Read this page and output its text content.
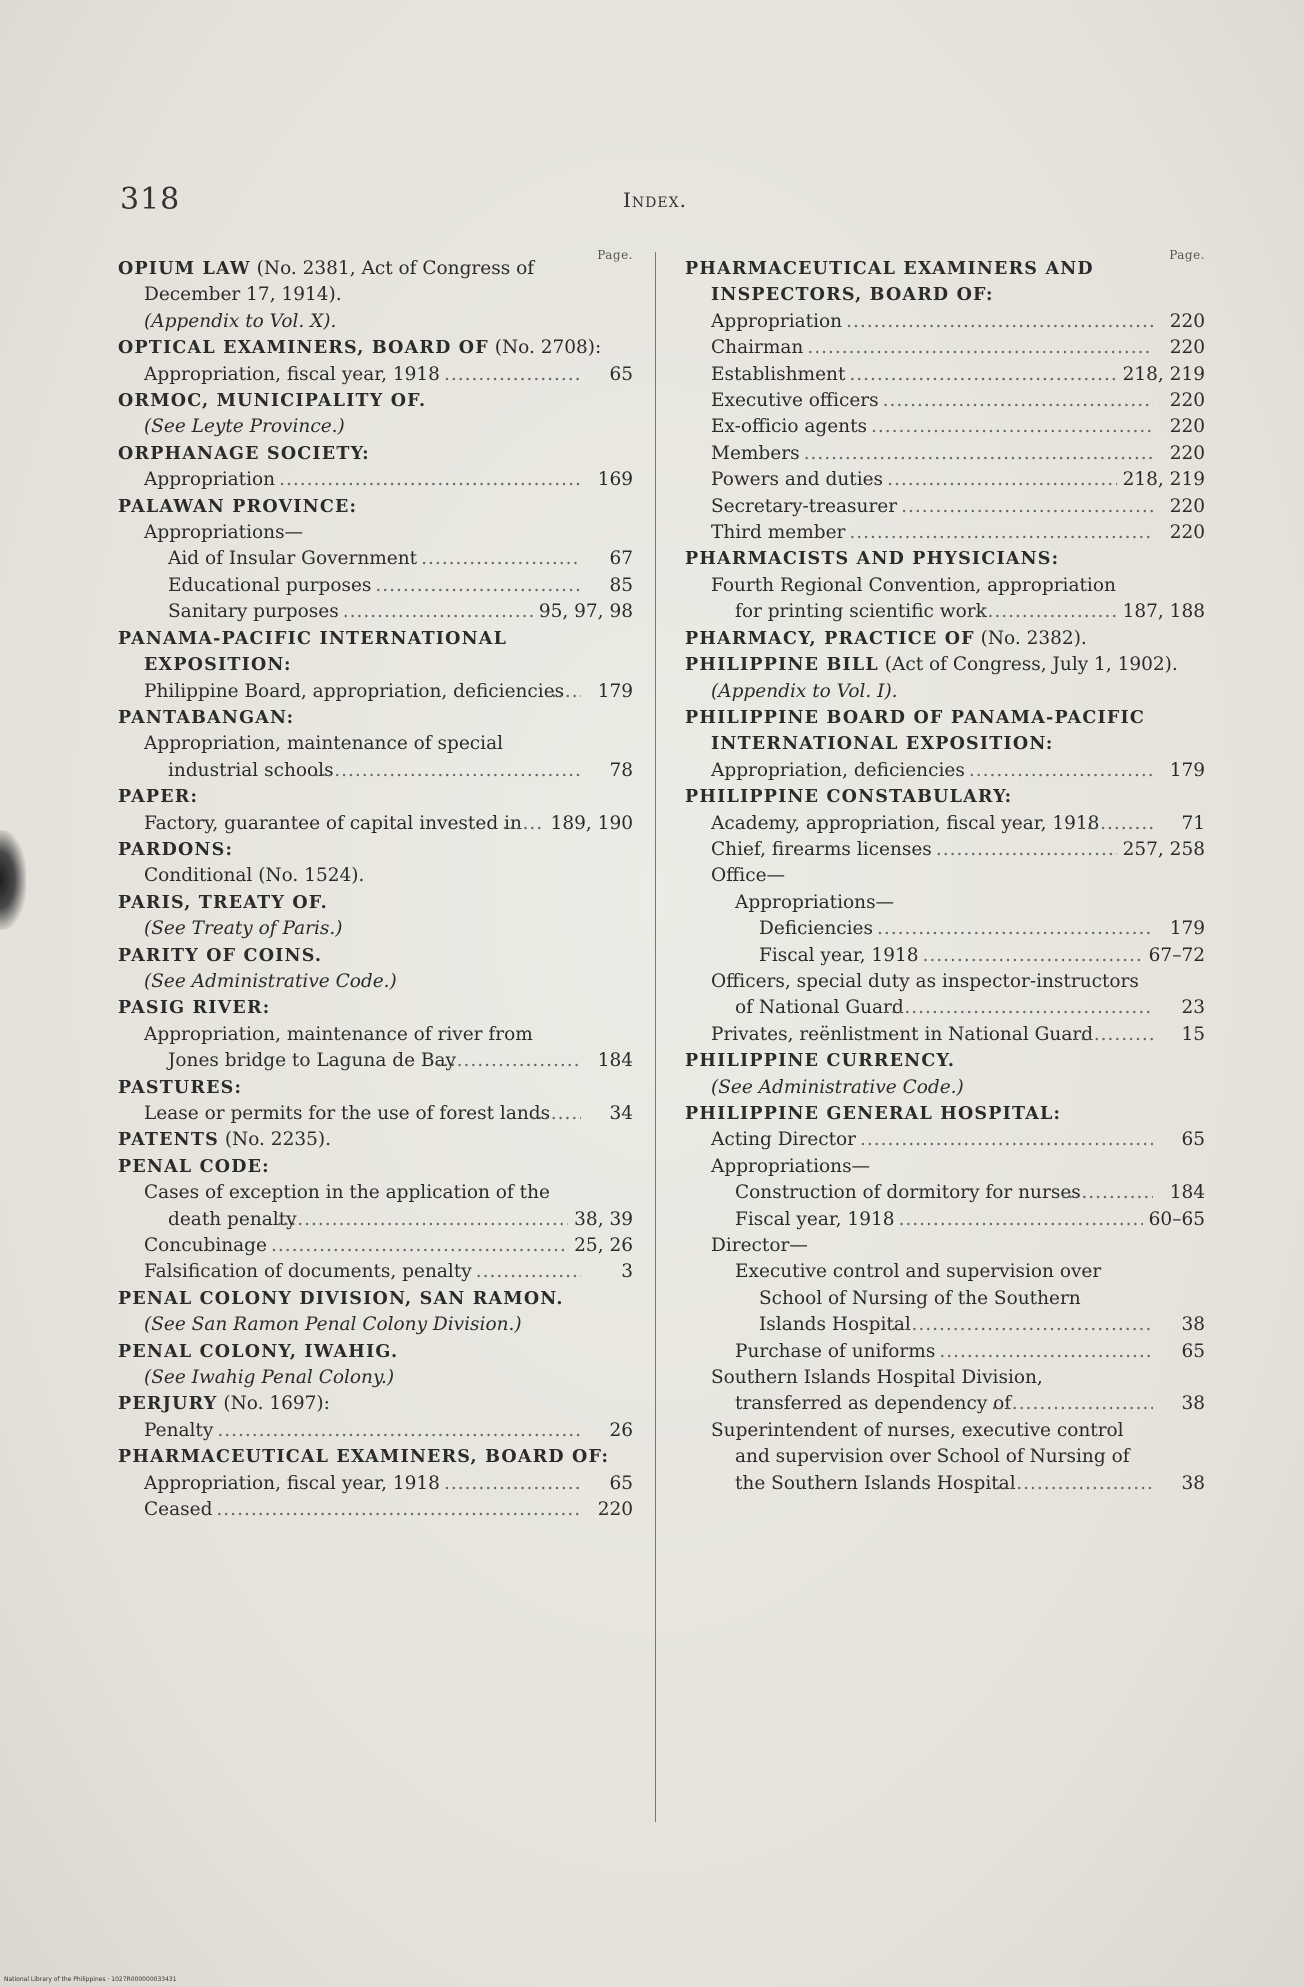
318	Index.
Page.
OPIUM LAW (No. 2381, Act of Congress of December 17, 1914).
(Appendix to Vol. X).
OPTICAL EXAMINERS, BOARD OF (No. 2708):
Appropriation, fiscal year, 1918 .....	65
ORMOC, MUNICIPALITY OF.
(See Leyte Province.)
ORPHANAGE SOCIETY:
Appropriation .....	169
PALAWAN PROVINCE:
Appropriations—
Aid of Insular Government .....	67
Educational purposes .....	85
Sanitary purposes .....	95, 97, 98
PANAMA-PACIFIC INTERNATIONAL EXPOSITION:
Philippine Board, appropriation, deficiencies .....	179
PANTABANGAN:
Appropriation, maintenance of special industrial schools .....	78
PAPER:
Factory, guarantee of capital invested in .....	189, 190
PARDONS:
Conditional (No. 1524).
PARIS, TREATY OF.
(See Treaty of Paris.)
PARITY OF COINS.
(See Administrative Code.)
PASIG RIVER:
Appropriation, maintenance of river from Jones bridge to Laguna de Bay .....	184
PASTURES:
Lease or permits for the use of forest lands .....	34
PATENTS (No. 2235).
PENAL CODE:
Cases of exception in the application of the death penalty .....	38, 39
Concubinage .....	25, 26
Falsification of documents, penalty .....	3
PENAL COLONY DIVISION, SAN RAMON.
(See San Ramon Penal Colony Division.)
PENAL COLONY, IWAHIG.
(See Iwahig Penal Colony.)
PERJURY (No. 1697):
Penalty .....	26
PHARMACEUTICAL EXAMINERS, BOARD OF:
Appropriation, fiscal year, 1918 .....	65
Ceased .....	220
Page.
PHARMACEUTICAL EXAMINERS AND INSPECTORS, BOARD OF:
Appropriation .....	220
Chairman .....	220
Establishment .....	218, 219
Executive officers .....	220
Ex-officio agents .....	220
Members .....	220
Powers and duties .....	218, 219
Secretary-treasurer .....	220
Third member .....	220
PHARMACISTS AND PHYSICIANS:
Fourth Regional Convention, appropriation for printing scientific work .....	187, 188
PHARMACY, PRACTICE OF (No. 2382).
PHILIPPINE BILL (Act of Congress, July 1, 1902).
(Appendix to Vol. I).
PHILIPPINE BOARD OF PANAMA-PACIFIC INTERNATIONAL EXPOSITION:
Appropriation, deficiencies .....	179
PHILIPPINE CONSTABULARY:
Academy, appropriation, fiscal year, 1918 .....	71
Chief, firearms licenses .....	257, 258
Office—
Appropriations—
Deficiencies .....	179
Fiscal year, 1918 .....	67–72
Officers, special duty as inspector-instructors of National Guard .....	23
Privates, reënlistment in National Guard .....	15
PHILIPPINE CURRENCY.
(See Administrative Code.)
PHILIPPINE GENERAL HOSPITAL:
Acting Director .....	65
Appropriations—
Construction of dormitory for nurses .....	184
Fiscal year, 1918 .....	60–65
Director—
Executive control and supervision over School of Nursing of the Southern Islands Hospital .....	38
Purchase of uniforms .....	65
Southern Islands Hospital Division, transferred as dependency of .....	38
Superintendent of nurses, executive control and supervision over School of Nursing of the Southern Islands Hospital .....	38
National Library of the Philippines · 1027R000000033431
